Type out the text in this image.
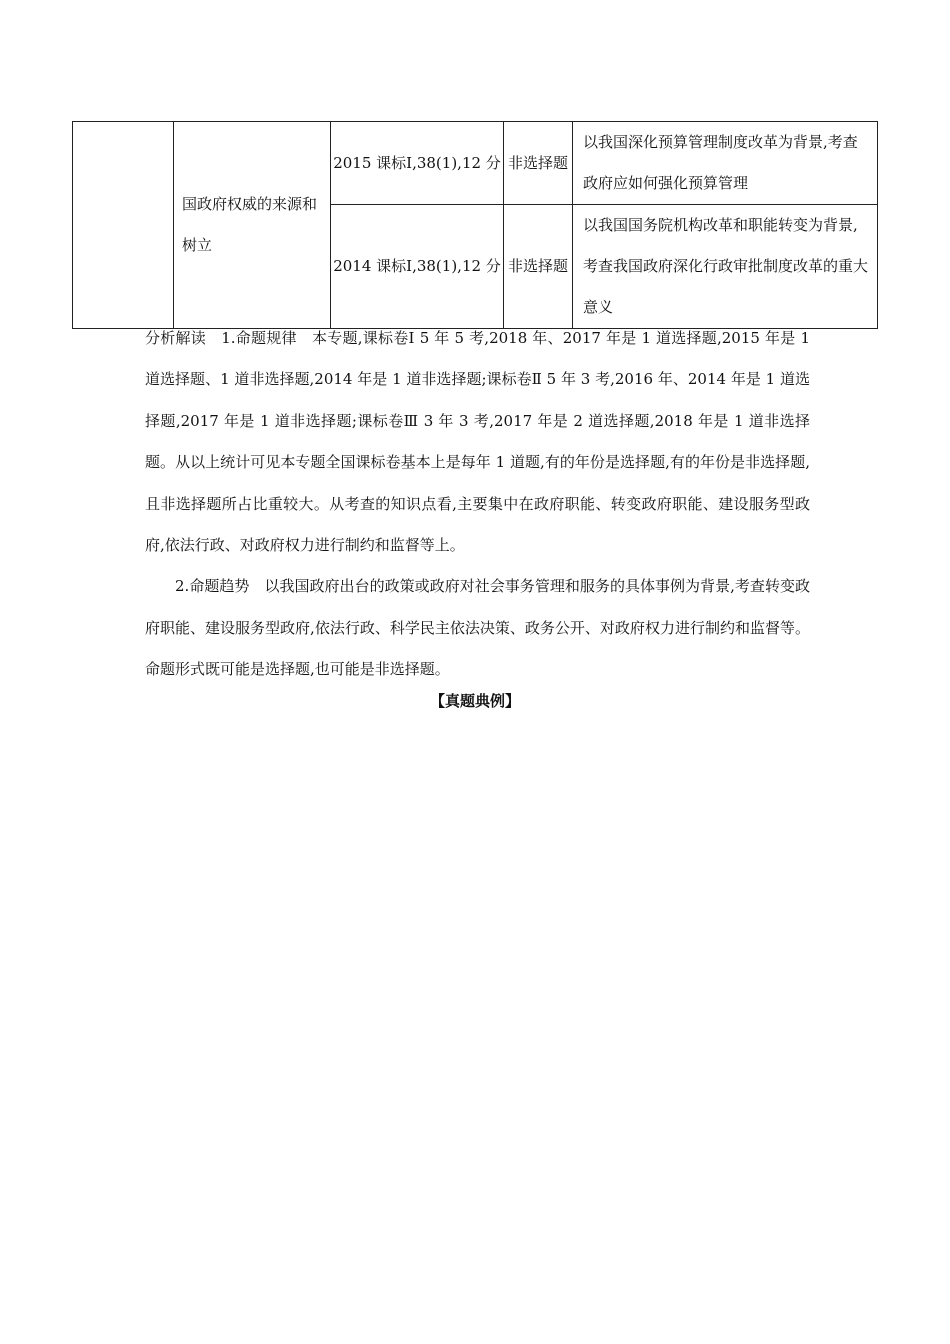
	国政府权威的来源和树立	2015 课标Ⅰ,38(1),12 分	非选择题	以我国深化预算管理制度改革为背景,考查政府应如何强化预算管理
		2014 课标Ⅰ,38(1),12 分	非选择题	以我国国务院机构改革和职能转变为背景,考查我国政府深化行政审批制度改革的重大意义

分析解读　1.命题规律　本专题,课标卷Ⅰ 5 年 5 考,2018 年、2017 年是 1 道选择题,2015 年是 1 道选择题、1 道非选择题,2014 年是 1 道非选择题;课标卷Ⅱ 5 年 3 考,2016 年、2014 年是 1 道选择题,2017 年是 1 道非选择题;课标卷Ⅲ 3 年 3 考,2017 年是 2 道选择题,2018 年是 1 道非选择题。从以上统计可见本专题全国课标卷基本上是每年 1 道题,有的年份是选择题,有的年份是非选择题,且非选择题所占比重较大。从考查的知识点看,主要集中在政府职能、转变政府职能、建设服务型政府,依法行政、对政府权力进行制约和监督等上。

2.命题趋势　以我国政府出台的政策或政府对社会事务管理和服务的具体事例为背景,考查转变政府职能、建设服务型政府,依法行政、科学民主依法决策、政务公开、对政府权力进行制约和监督等。命题形式既可能是选择题,也可能是非选择题。

【真题典例】
